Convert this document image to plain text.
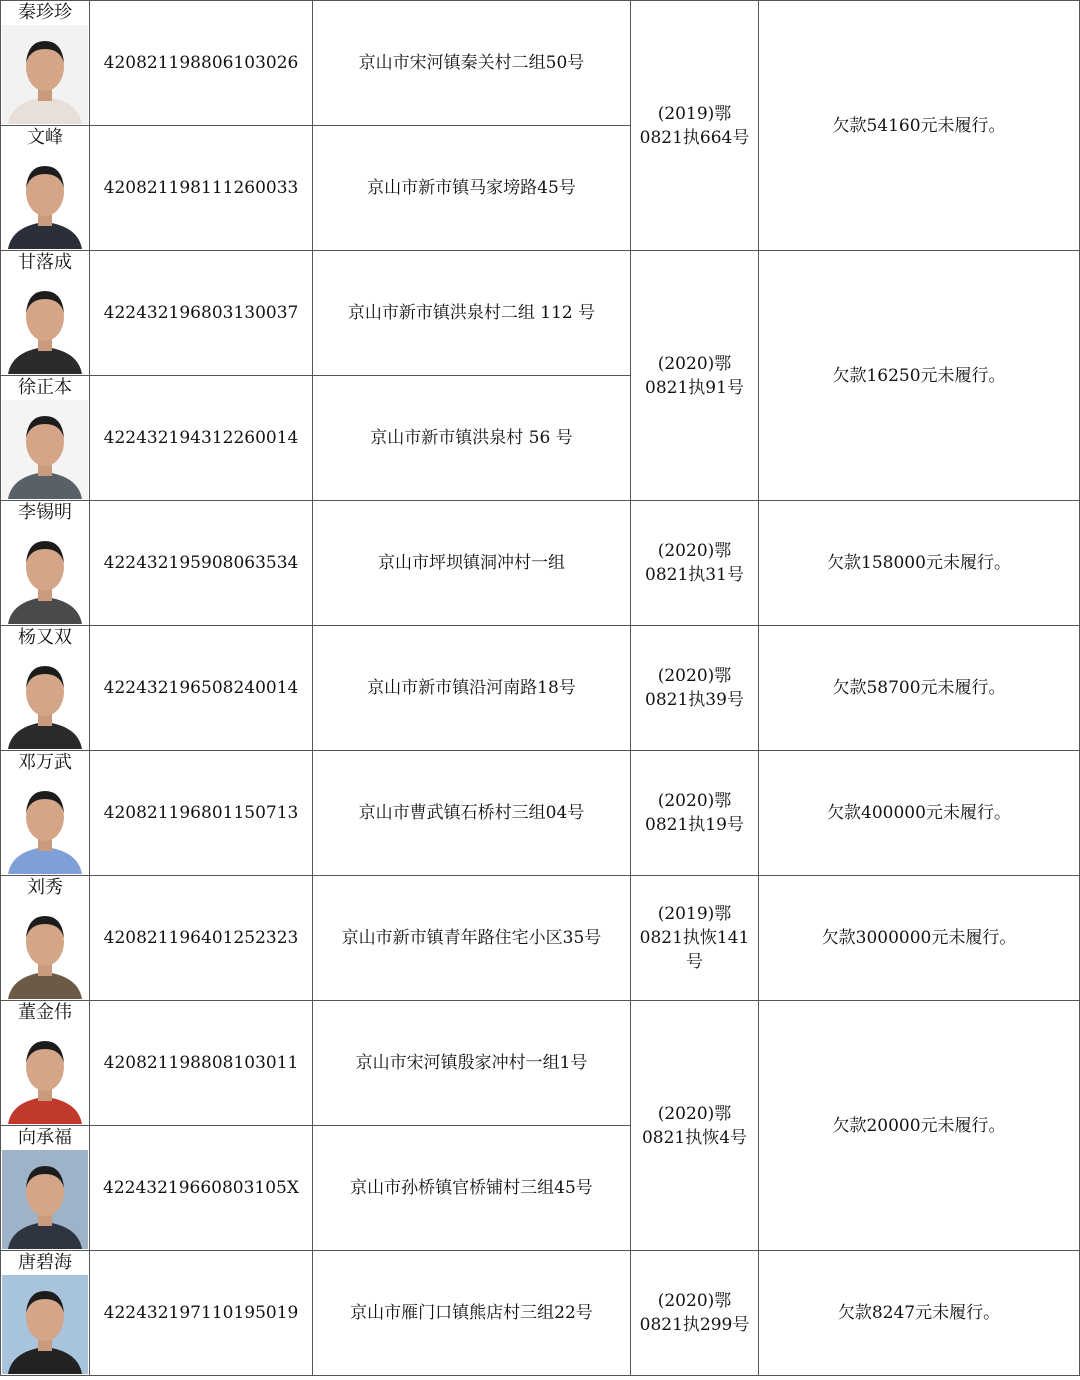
秦珍珍	420821198806103026	京山市宋河镇秦关村二组50号	(2019)鄂
0821执664号	欠款54160元未履行。

文峰	420821198111260033	京山市新市镇马家塝路45号		

甘落成	422432196803130037	京山市新市镇洪泉村二组 112 号	(2020)鄂
0821执91号	欠款16250元未履行。

徐正本	422432194312260014	京山市新市镇洪泉村 56 号		

李锡明	422432195908063534	京山市坪坝镇洞冲村一组	(2020)鄂
0821执31号	欠款158000元未履行。

杨又双	422432196508240014	京山市新市镇沿河南路18号	(2020)鄂
0821执39号	欠款58700元未履行。

邓万武	420821196801150713	京山市曹武镇石桥村三组04号	(2020)鄂
0821执19号	欠款400000元未履行。

刘秀	420821196401252323	京山市新市镇青年路住宅小区35号	(2019)鄂
0821执恢141
号	欠款3000000元未履行。

董金伟	420821198808103011	京山市宋河镇殷家冲村一组1号	(2020)鄂
0821执恢4号	欠款20000元未履行。

向承福	42243219660803105X	京山市孙桥镇官桥铺村三组45号		

唐碧海	422432197110195019	京山市雁门口镇熊店村三组22号	(2020)鄂
0821执299号	欠款8247元未履行。
